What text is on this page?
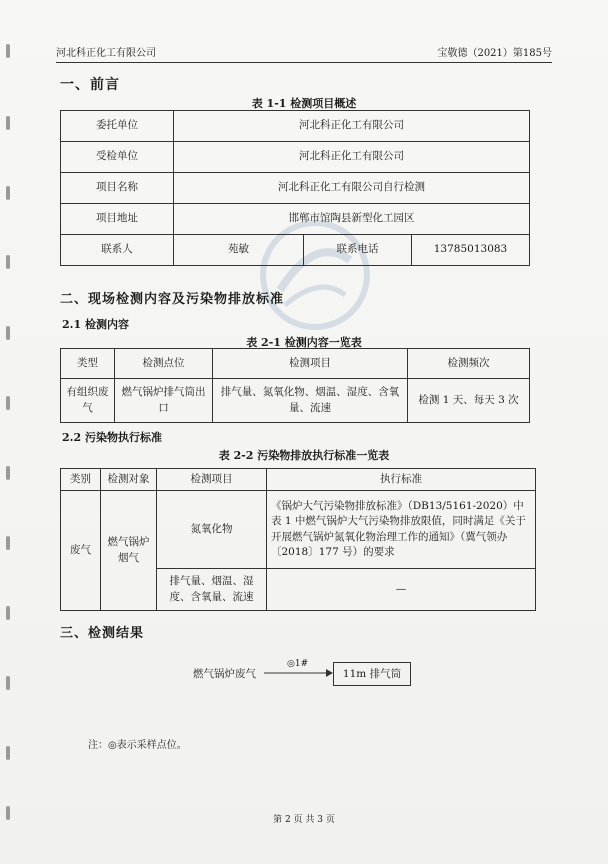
河北科正化工有限公司	宝敬德（2021）第185号
一、前言
表 1-1 检测项目概述
委托单位	河北科正化工有限公司		
受检单位	河北科正化工有限公司		
项目名称	河北科正化工有限公司自行检测		
项目地址	邯郸市馆陶县新型化工园区		
联系人	苑敏	联系电话	13785013083
二、现场检测内容及污染物排放标准
2.1 检测内容
表 2-1 检测内容一览表
类型	检测点位	检测项目	检测频次
有组织废气	燃气锅炉排气筒出口	排气量、氮氧化物、烟温、湿度、含氧量、流速	检测 1 天、每天 3 次
2.2 污染物执行标准
表 2-2 污染物排放执行标准一览表
类别	检测对象	检测项目	执行标准
废气	燃气锅炉烟气	氮氧化物	《锅炉大气污染物排放标准》（DB13/5161-2020）中表 1 中燃气锅炉大气污染物排放限值，同时满足《关于开展燃气锅炉氮氧化物治理工作的通知》（冀气领办〔2018〕177 号）的要求
		排气量、烟温、湿度、含氧量、流速	—
三、检测结果
燃气锅炉废气
◎1#
11m 排气筒
注：◎表示采样点位。
第 2 页 共 3 页
